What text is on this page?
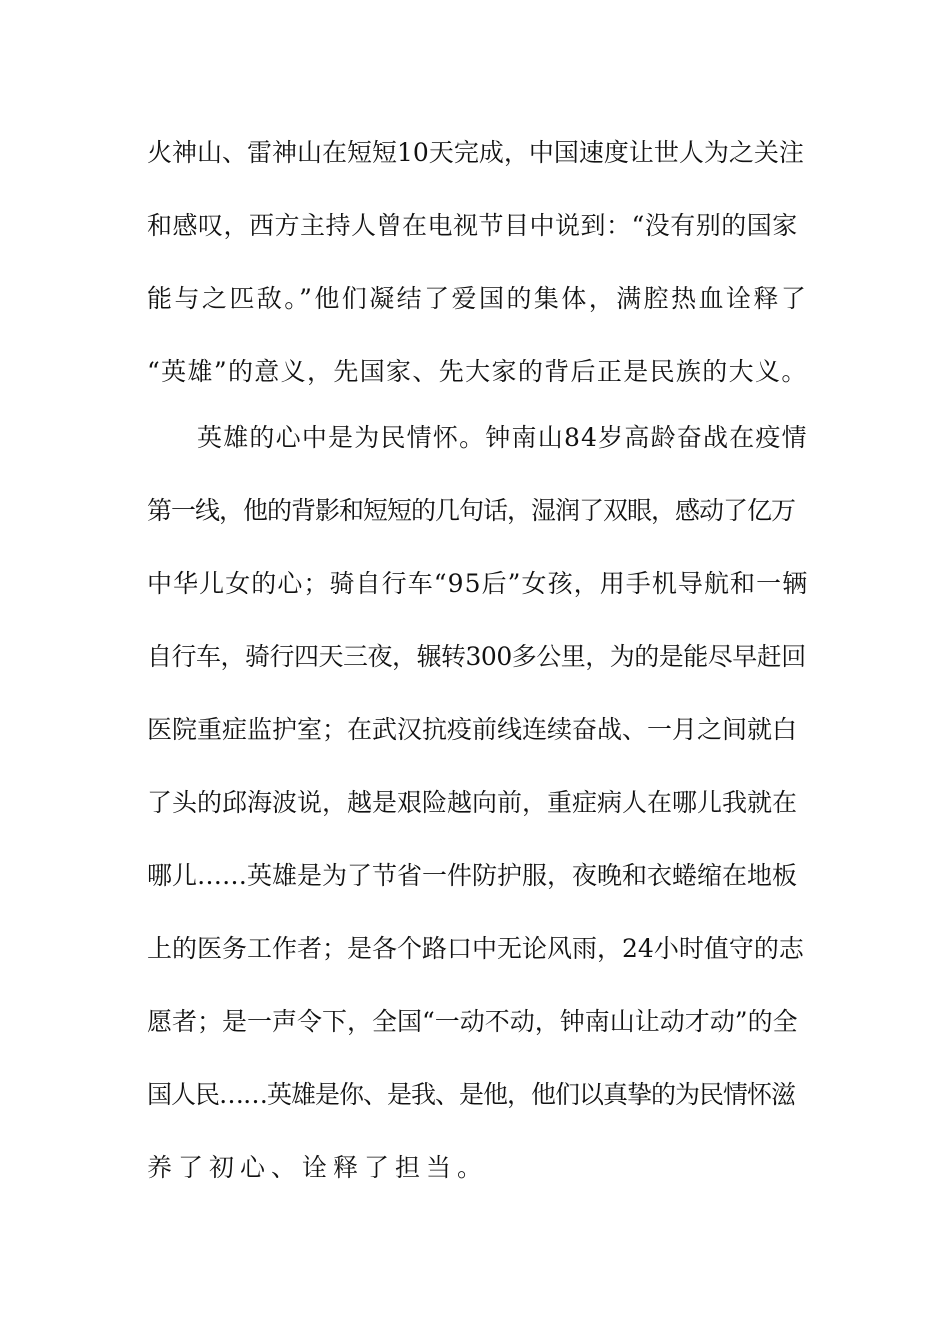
火神山、雷神山在短短10天完成，中国速度让世人为之关注
和感叹，西方主持人曾在电视节目中说到：“没有别的国家
能与之匹敌。”他们凝结了爱国的集体，满腔热血诠释了
“英雄”的意义，先国家、先大家的背后正是民族的大义。
英雄的心中是为民情怀。钟南山84岁高龄奋战在疫情
第一线，他的背影和短短的几句话，湿润了双眼，感动了亿万
中华儿女的心；骑自行车“95后”女孩，用手机导航和一辆
自行车，骑行四天三夜，辗转300多公里，为的是能尽早赶回
医院重症监护室；在武汉抗疫前线连续奋战、一月之间就白
了头的邱海波说，越是艰险越向前，重症病人在哪儿我就在
哪儿……英雄是为了节省一件防护服，夜晚和衣蜷缩在地板
上的医务工作者；是各个路口中无论风雨，24小时值守的志
愿者；是一声令下，全国“一动不动，钟南山让动才动”的全
国人民……英雄是你、是我、是他，他们以真挚的为民情怀滋
养了初心、诠释了担当。
